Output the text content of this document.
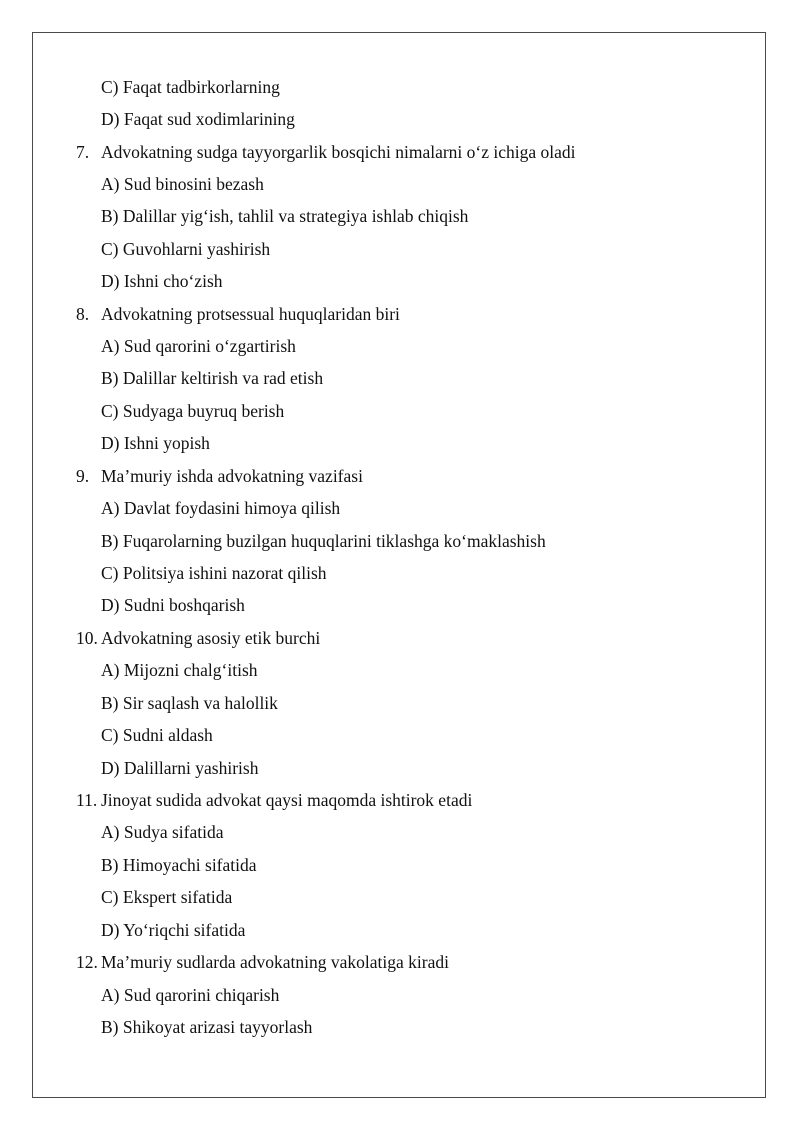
C) Faqat tadbirkorlarning
D) Faqat sud xodimlarining
7. Advokatning sudga tayyorgarlik bosqichi nimalarni o‘z ichiga oladi
A) Sud binosini bezash
B) Dalillar yig‘ish, tahlil va strategiya ishlab chiqish
C) Guvohlarni yashirish
D) Ishni cho‘zish
8. Advokatning protsessual huquqlaridan biri
A) Sud qarorini o‘zgartirish
B) Dalillar keltirish va rad etish
C) Sudyaga buyruq berish
D) Ishni yopish
9. Ma’muriy ishda advokatning vazifasi
A) Davlat foydasini himoya qilish
B) Fuqarolarning buzilgan huquqlarini tiklashga ko‘maklashish
C) Politsiya ishini nazorat qilish
D) Sudni boshqarish
10. Advokatning asosiy etik burchi
A) Mijozni chalg‘itish
B) Sir saqlash va halollik
C) Sudni aldash
D) Dalillarni yashirish
11. Jinoyat sudida advokat qaysi maqomda ishtirok etadi
A) Sudya sifatida
B) Himoyachi sifatida
C) Ekspert sifatida
D) Yo‘riqchi sifatida
12. Ma’muriy sudlarda advokatning vakolatiga kiradi
A) Sud qarorini chiqarish
B) Shikoyat arizasi tayyorlash
